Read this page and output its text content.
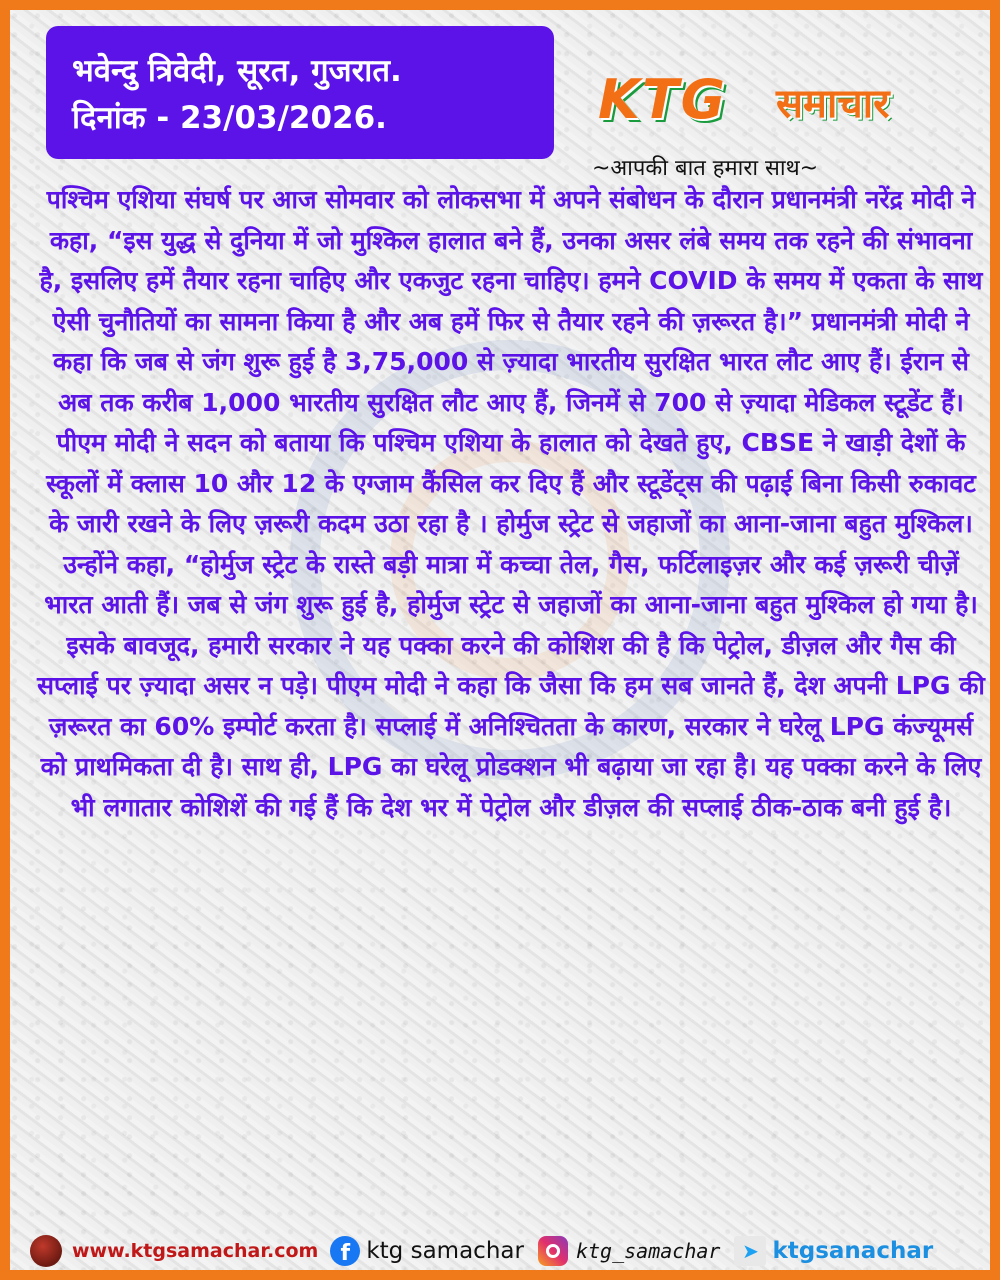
भवेन्दु त्रिवेदी, सूरत, गुजरात.
दिनांक - 23/03/2026.	KTG समाचार
~आपकी बात हमारा साथ~

पश्चिम एशिया संघर्ष पर आज सोमवार को लोकसभा में अपने संबोधन के दौरान प्रधानमंत्री नरेंद्र मोदी ने कहा, “इस युद्ध से दुनिया में जो मुश्किल हालात बने हैं, उनका असर लंबे समय तक रहने की संभावना है, इसलिए हमें तैयार रहना चाहिए और एकजुट रहना चाहिए। हमने COVID के समय में एकता के साथ ऐसी चुनौतियों का सामना किया है और अब हमें फिर से तैयार रहने की ज़रूरत है।” प्रधानमंत्री मोदी ने कहा कि जब से जंग शुरू हुई है 3,75,000 से ज़्यादा भारतीय सुरक्षित भारत लौट आए हैं। ईरान से अब तक करीब 1,000 भारतीय सुरक्षित लौट आए हैं, जिनमें से 700 से ज़्यादा मेडिकल स्टूडेंट हैं। पीएम मोदी ने सदन को बताया कि पश्चिम एशिया के हालात को देखते हुए, CBSE ने खाड़ी देशों के स्कूलों में क्लास 10 और 12 के एग्जाम कैंसिल कर दिए हैं और स्टूडेंट्स की पढ़ाई बिना किसी रुकावट के जारी रखने के लिए ज़रूरी कदम उठा रहा है । होर्मुज स्ट्रेट से जहाजों का आना-जाना बहुत मुश्किल। उन्होंने कहा, “होर्मुज स्ट्रेट के रास्ते बड़ी मात्रा में कच्चा तेल, गैस, फर्टिलाइज़र और कई ज़रूरी चीज़ें भारत आती हैं। जब से जंग शुरू हुई है, होर्मुज स्ट्रेट से जहाजों का आना-जाना बहुत मुश्किल हो गया है। इसके बावजूद, हमारी सरकार ने यह पक्का करने की कोशिश की है कि पेट्रोल, डीज़ल और गैस की सप्लाई पर ज़्यादा असर न पड़े। पीएम मोदी ने कहा कि जैसा कि हम सब जानते हैं, देश अपनी LPG की ज़रूरत का 60% इम्पोर्ट करता है। सप्लाई में अनिश्चितता के कारण, सरकार ने घरेलू LPG कंज्यूमर्स को प्राथमिकता दी है। साथ ही, LPG का घरेलू प्रोडक्शन भी बढ़ाया जा रहा है। यह पक्का करने के लिए भी लगातार कोशिशें की गई हैं कि देश भर में पेट्रोल और डीज़ल की सप्लाई ठीक-ठाक बनी हुई है।

www.ktgsamachar.com	f ktg samachar	ktg_samachar	➤ ktgsanachar
